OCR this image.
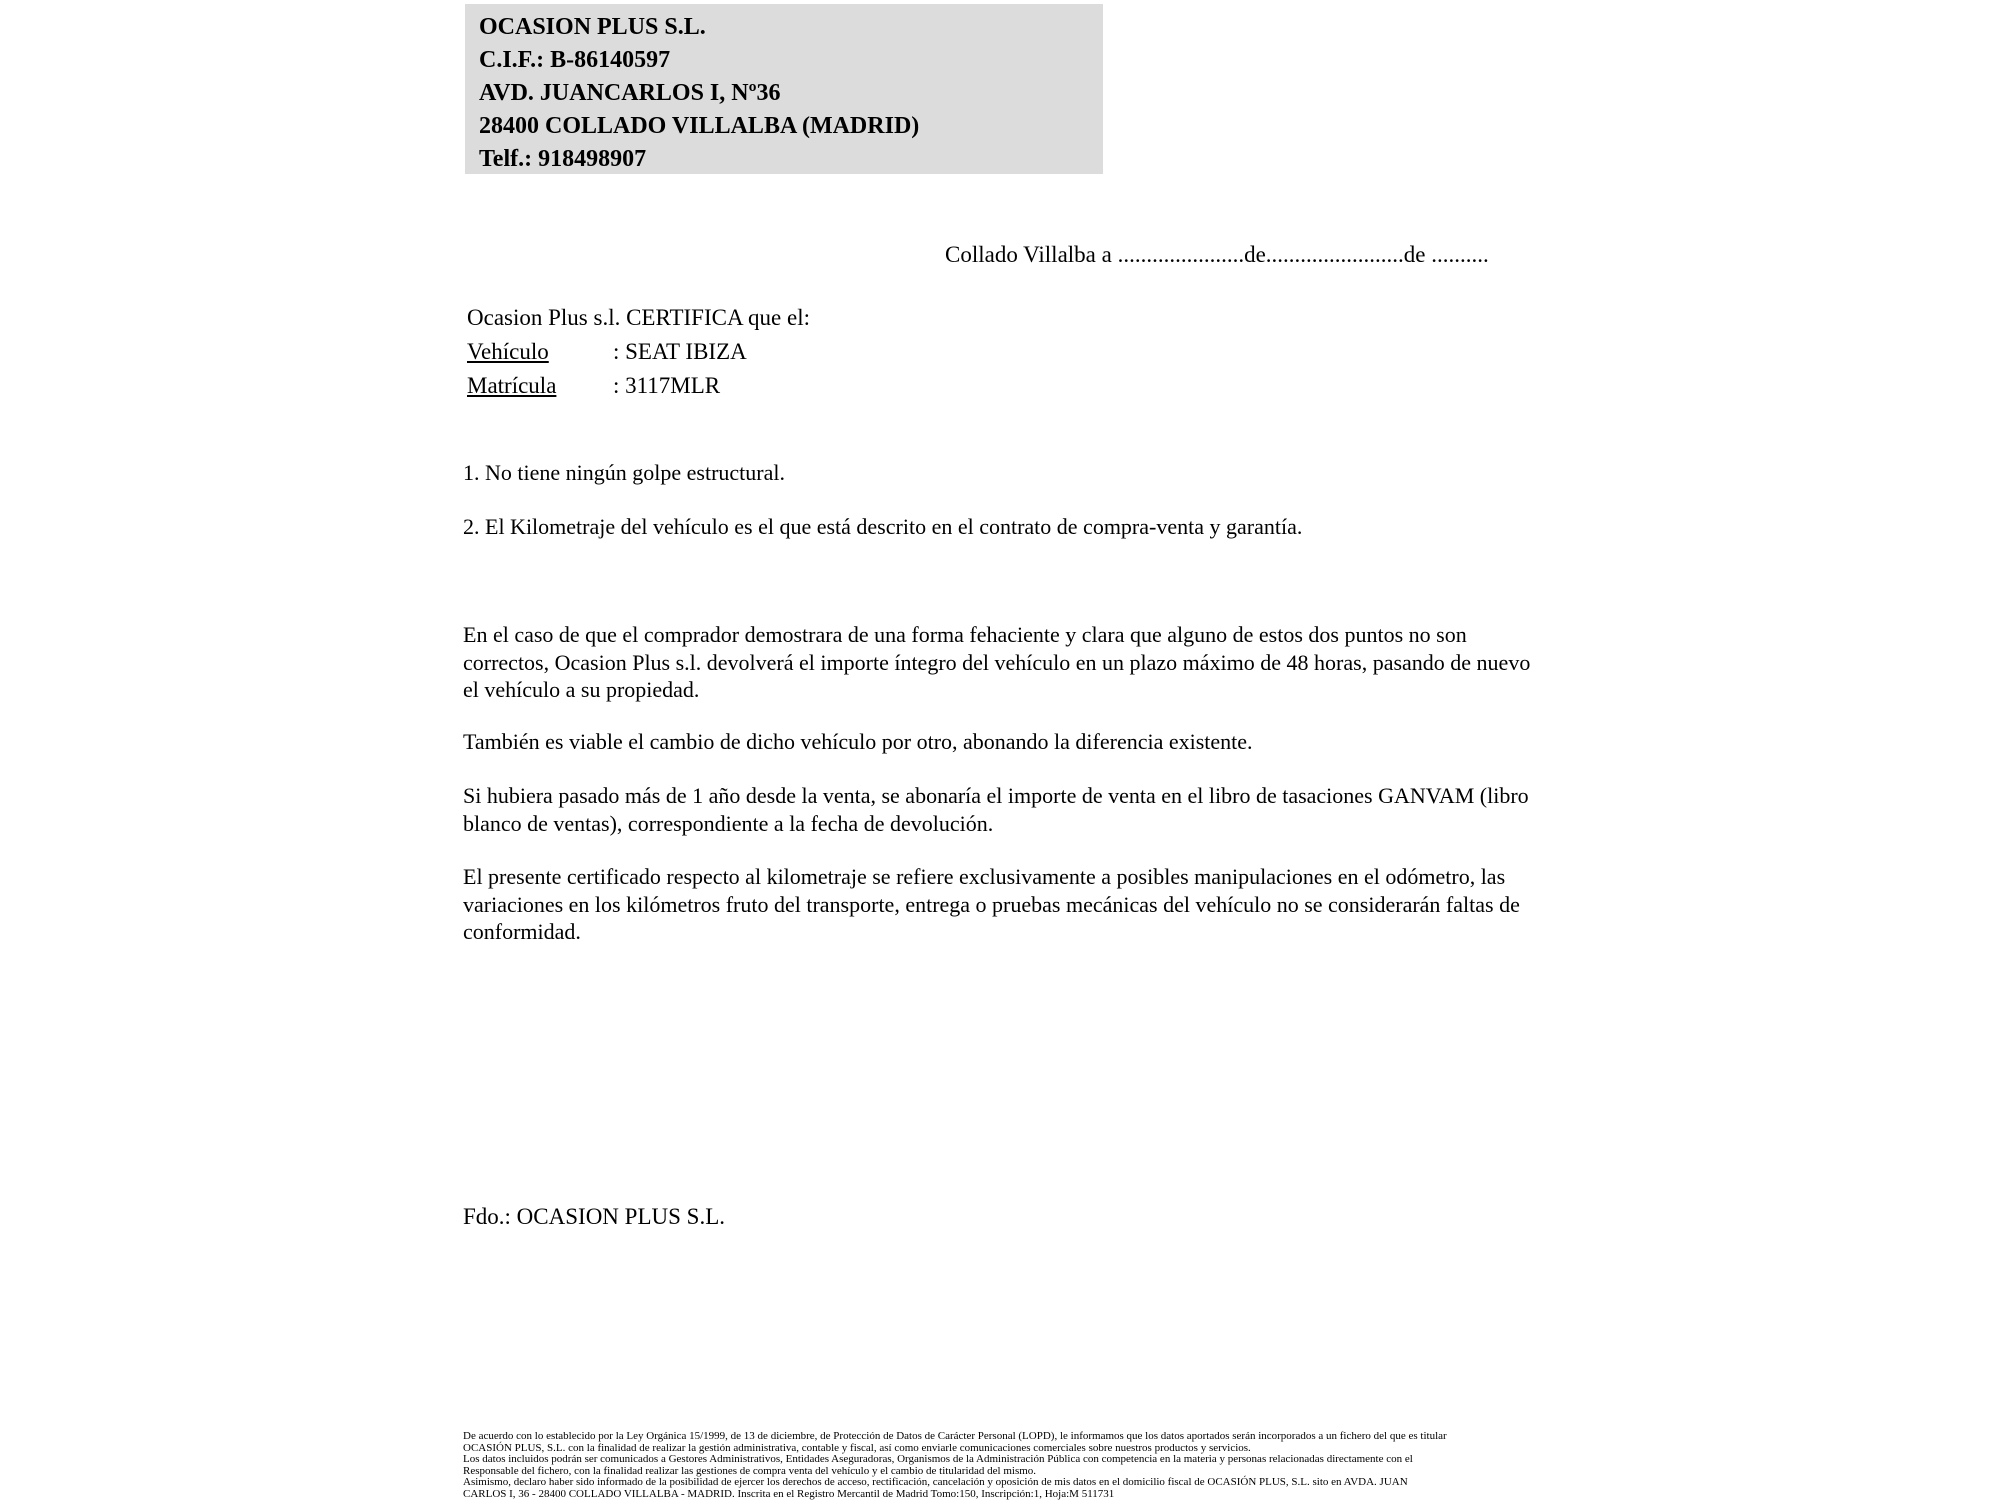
OCASION PLUS S.L.
C.I.F.: B-86140597
AVD. JUANCARLOS I, Nº36
28400 COLLADO VILLALBA (MADRID)
Telf.: 918498907
Collado Villalba a ......................de........................de ..........
Ocasion Plus s.l. CERTIFICA que el:
Vehículo	: SEAT IBIZA
Matrícula	: 3117MLR
1. No tiene ningún golpe estructural.
2. El Kilometraje del vehículo es el que está descrito en el contrato de compra-venta y garantía.
En el caso de que el comprador demostrara de una forma fehaciente y clara que alguno de estos dos puntos no son correctos, Ocasion Plus s.l. devolverá el importe íntegro del vehículo en un plazo máximo de 48 horas, pasando de nuevo el vehículo a su propiedad.
También es viable el cambio de dicho vehículo por otro, abonando la diferencia existente.
Si hubiera pasado más de 1 año desde la venta, se abonaría el importe de venta en el libro de tasaciones GANVAM (libro blanco de ventas), correspondiente a la fecha de devolución.
El presente certificado respecto al kilometraje se refiere exclusivamente a posibles manipulaciones en el odómetro, las variaciones en los kilómetros fruto del transporte, entrega o pruebas mecánicas del vehículo no se considerarán faltas de conformidad.
Fdo.: OCASION PLUS S.L.
De acuerdo con lo establecido por la Ley Orgánica 15/1999, de 13 de diciembre, de Protección de Datos de Carácter Personal (LOPD), le informamos que los datos aportados serán incorporados a un fichero del que es titular
OCASIÓN PLUS, S.L. con la finalidad de realizar la gestión administrativa, contable y fiscal, así como enviarle comunicaciones comerciales sobre nuestros productos y servicios.
Los datos incluidos podrán ser comunicados a Gestores Administrativos, Entidades Aseguradoras, Organismos de la Administración Pública con competencia en la materia y personas relacionadas directamente con el
Responsable del fichero, con la finalidad realizar las gestiones de compra venta del vehículo y el cambio de titularidad del mismo.
Asimismo, declaro haber sido informado de la posibilidad de ejercer los derechos de acceso, rectificación, cancelación y oposición de mis datos en el domicilio fiscal de OCASIÓN PLUS, S.L. sito en AVDA. JUAN
CARLOS I, 36 - 28400 COLLADO VILLALBA - MADRID. Inscrita en el Registro Mercantil de Madrid Tomo:150, Inscripción:1, Hoja:M 511731
